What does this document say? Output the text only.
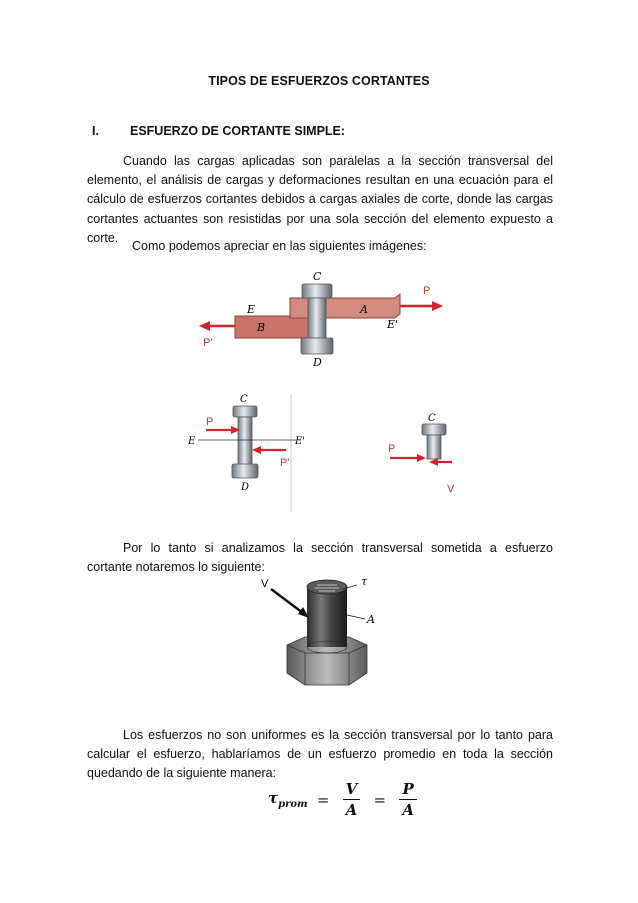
TIPOS DE ESFUERZOS CORTANTES
I. ESFUERZO DE CORTANTE SIMPLE:
Cuando las cargas aplicadas son paralelas a la sección transversal del elemento, el análisis de cargas y deformaciones resultan en una ecuación para el cálculo de esfuerzos cortantes debidos a cargas axiales de corte, donde las cargas cortantes actuantes son resistidas por una sola sección del elemento expuesto a corte.
Como podemos apreciar en las siguientes imágenes:
C
D
E
E'
A
B
P
P'
C
D
E	E'
P
P'
C
P
V
Por lo tanto si analizamos la sección transversal sometida a esfuerzo cortante notaremos lo siguiente:
V	τ
A
Los esfuerzos no son uniformes es la sección transversal por lo tanto para calcular el esfuerzo, hablaríamos de un esfuerzo promedio en toda la sección quedando de la siguiente manera:
$\tau_{prom} = \frac{V}{A} = \frac{P}{A}$
